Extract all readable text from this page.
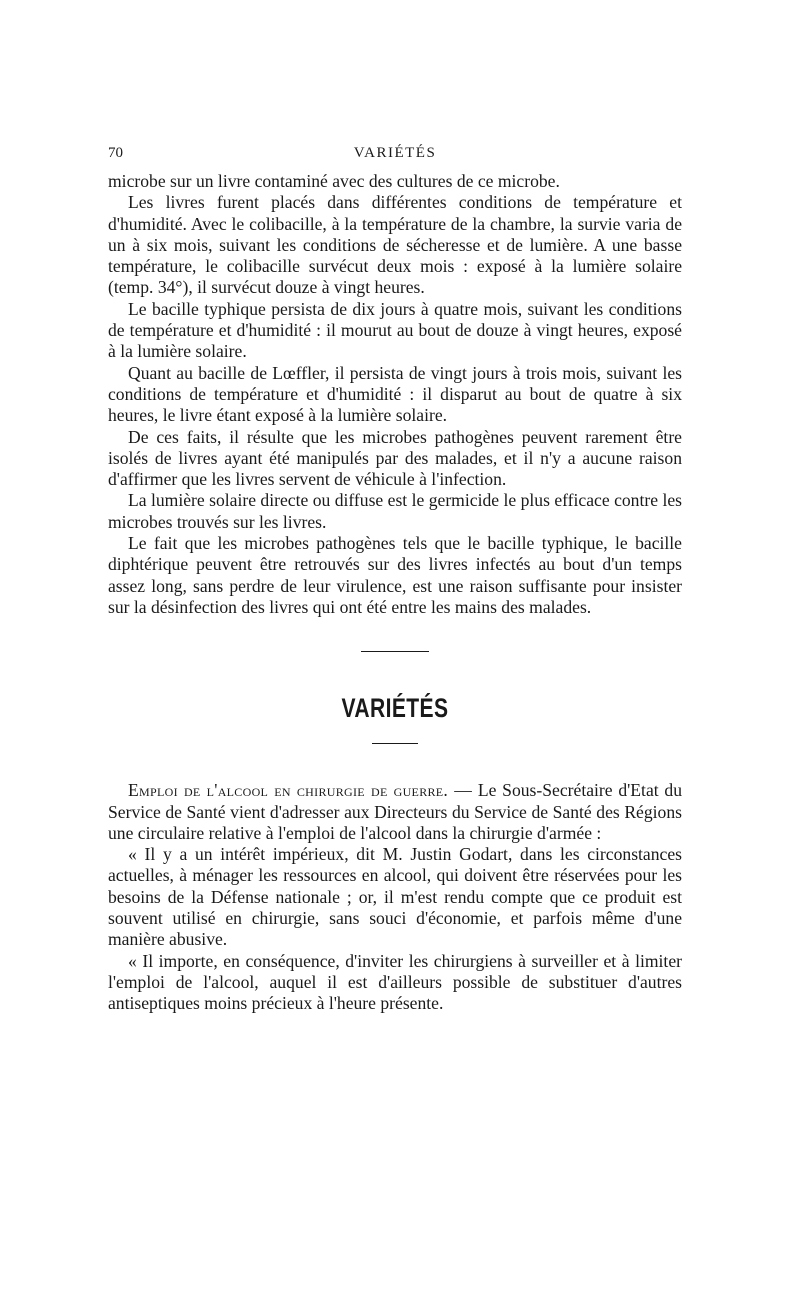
70	VARIÉTÉS

microbe sur un livre contaminé avec des cultures de ce microbe.

Les livres furent placés dans différentes conditions de température et d'humidité. Avec le colibacille, à la température de la chambre, la survie varia de un à six mois, suivant les conditions de sécheresse et de lumière. A une basse température, le colibacille survécut deux mois : exposé à la lumière solaire (temp. 34°), il survécut douze à vingt heures.

Le bacille typhique persista de dix jours à quatre mois, suivant les conditions de température et d'humidité : il mourut au bout de douze à vingt heures, exposé à la lumière solaire.

Quant au bacille de Lœffler, il persista de vingt jours à trois mois, suivant les conditions de température et d'humidité : il disparut au bout de quatre à six heures, le livre étant exposé à la lumière solaire.

De ces faits, il résulte que les microbes pathogènes peuvent rarement être isolés de livres ayant été manipulés par des malades, et il n'y a aucune raison d'affirmer que les livres servent de véhicule à l'infection.

La lumière solaire directe ou diffuse est le germicide le plus efficace contre les microbes trouvés sur les livres.

Le fait que les microbes pathogènes tels que le bacille typhique, le bacille diphtérique peuvent être retrouvés sur des livres infectés au bout d'un temps assez long, sans perdre de leur virulence, est une raison suffisante pour insister sur la désinfection des livres qui ont été entre les mains des malades.

VARIÉTÉS

Emploi de l'alcool en chirurgie de guerre. — Le Sous-Secrétaire d'Etat du Service de Santé vient d'adresser aux Directeurs du Service de Santé des Régions une circulaire relative à l'emploi de l'alcool dans la chirurgie d'armée :

« Il y a un intérêt impérieux, dit M. Justin Godart, dans les circonstances actuelles, à ménager les ressources en alcool, qui doivent être réservées pour les besoins de la Défense nationale ; or, il m'est rendu compte que ce produit est souvent utilisé en chirurgie, sans souci d'économie, et parfois même d'une manière abusive.

« Il importe, en conséquence, d'inviter les chirurgiens à surveiller et à limiter l'emploi de l'alcool, auquel il est d'ailleurs possible de substituer d'autres antiseptiques moins précieux à l'heure présente.
